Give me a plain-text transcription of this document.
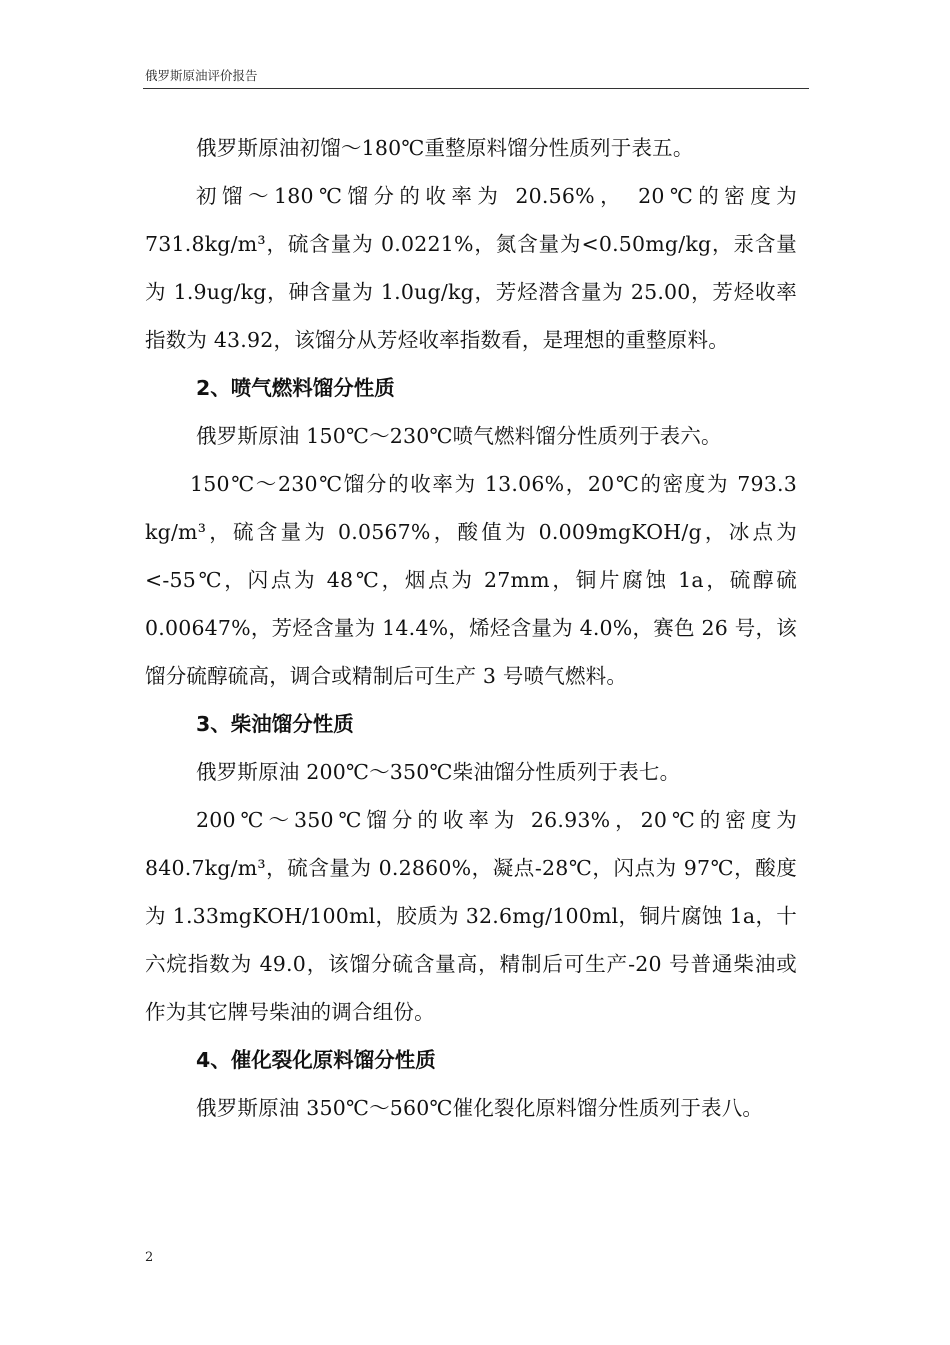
俄罗斯原油评价报告

俄罗斯原油初馏～180℃重整原料馏分性质列于表五。

初馏～180℃馏分的收率为 20.56%， 20℃的密度为 731.8kg/m³，硫含量为 0.0221%，氮含量为<0.50mg/kg，汞含量为 1.9ug/kg，砷含量为 1.0ug/kg，芳烃潜含量为 25.00，芳烃收率指数为 43.92，该馏分从芳烃收率指数看，是理想的重整原料。

2、喷气燃料馏分性质

俄罗斯原油 150℃～230℃喷气燃料馏分性质列于表六。

150℃～230℃馏分的收率为 13.06%，20℃的密度为 793.3 kg/m³，硫含量为 0.0567%，酸值为 0.009mgKOH/g，冰点为<-55℃，闪点为 48℃，烟点为 27mm，铜片腐蚀 1a，硫醇硫 0.00647%，芳烃含量为 14.4%，烯烃含量为 4.0%，赛色 26 号，该馏分硫醇硫高，调合或精制后可生产 3 号喷气燃料。

3、柴油馏分性质

俄罗斯原油 200℃～350℃柴油馏分性质列于表七。

200℃～350℃馏分的收率为 26.93%，20℃的密度为 840.7kg/m³，硫含量为 0.2860%，凝点-28℃，闪点为 97℃，酸度为 1.33mgKOH/100ml，胶质为 32.6mg/100ml，铜片腐蚀 1a，十六烷指数为 49.0，该馏分硫含量高，精制后可生产-20 号普通柴油或作为其它牌号柴油的调合组份。

4、催化裂化原料馏分性质

俄罗斯原油 350℃～560℃催化裂化原料馏分性质列于表八。

2
